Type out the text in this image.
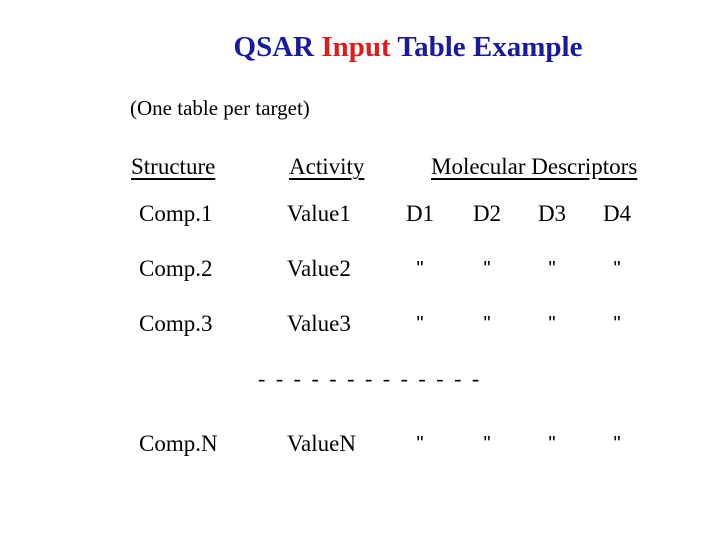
QSAR Input Table Example
(One table per target)
Structure	Activity	Molecular Descriptors
Comp.1	Value1	D1	D2	D3	D4
Comp.2	Value2	"	"	"	"
Comp.3	Value3	"	"	"	"
- - - - - - - - - - - - -
Comp.N	ValueN	"	"	"	"
